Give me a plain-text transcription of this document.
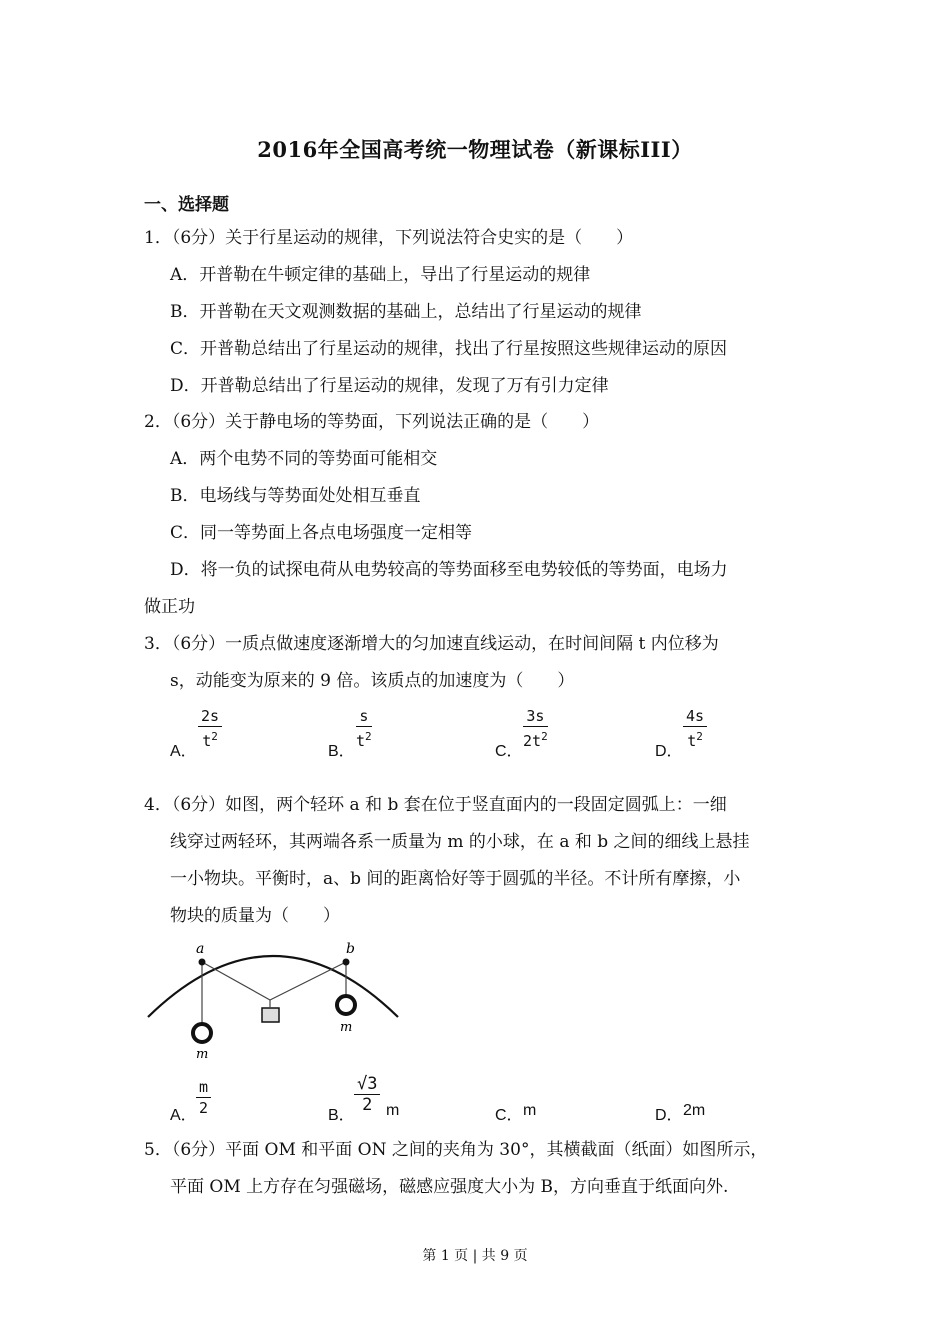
2016年全国高考统一物理试卷（新课标III）
一、选择题
1．（6分）关于行星运动的规律，下列说法符合史实的是（　　）
A．开普勒在牛顿定律的基础上，导出了行星运动的规律
B．开普勒在天文观测数据的基础上，总结出了行星运动的规律
C．开普勒总结出了行星运动的规律，找出了行星按照这些规律运动的原因
D．开普勒总结出了行星运动的规律，发现了万有引力定律
2．（6分）关于静电场的等势面，下列说法正确的是（　　）
A．两个电势不同的等势面可能相交
B．电场线与等势面处处相互垂直
C．同一等势面上各点电场强度一定相等
D．将一负的试探电荷从电势较高的等势面移至电势较低的等势面，电场力
做正功
3．（6分）一质点做速度逐渐增大的匀加速直线运动，在时间间隔 t 内位移为
s，动能变为原来的 9 倍。该质点的加速度为（　　）
A．
$\frac{2s}{t^2}$
B．
$\frac{s}{t^2}$
C．
$\frac{3s}{2t^2}$
D．
$\frac{4s}{t^2}$
4．（6分）如图，两个轻环 a 和 b 套在位于竖直面内的一段固定圆弧上：一细
线穿过两轻环，其两端各系一质量为 m 的小球，在 a 和 b 之间的细线上悬挂
一小物块。平衡时，a、b 间的距离恰好等于圆弧的半径。不计所有摩擦，小
物块的质量为（　　）
a	b
m
m
A． $\frac{m}{2}$	B．
$\frac{√3}{2}$ m	C． m	D． 2m
5．（6分）平面 OM 和平面 ON 之间的夹角为 30°，其横截面（纸面）如图所示，
平面 OM 上方存在匀强磁场，磁感应强度大小为 B，方向垂直于纸面向外.
第 1 页 | 共 9 页
